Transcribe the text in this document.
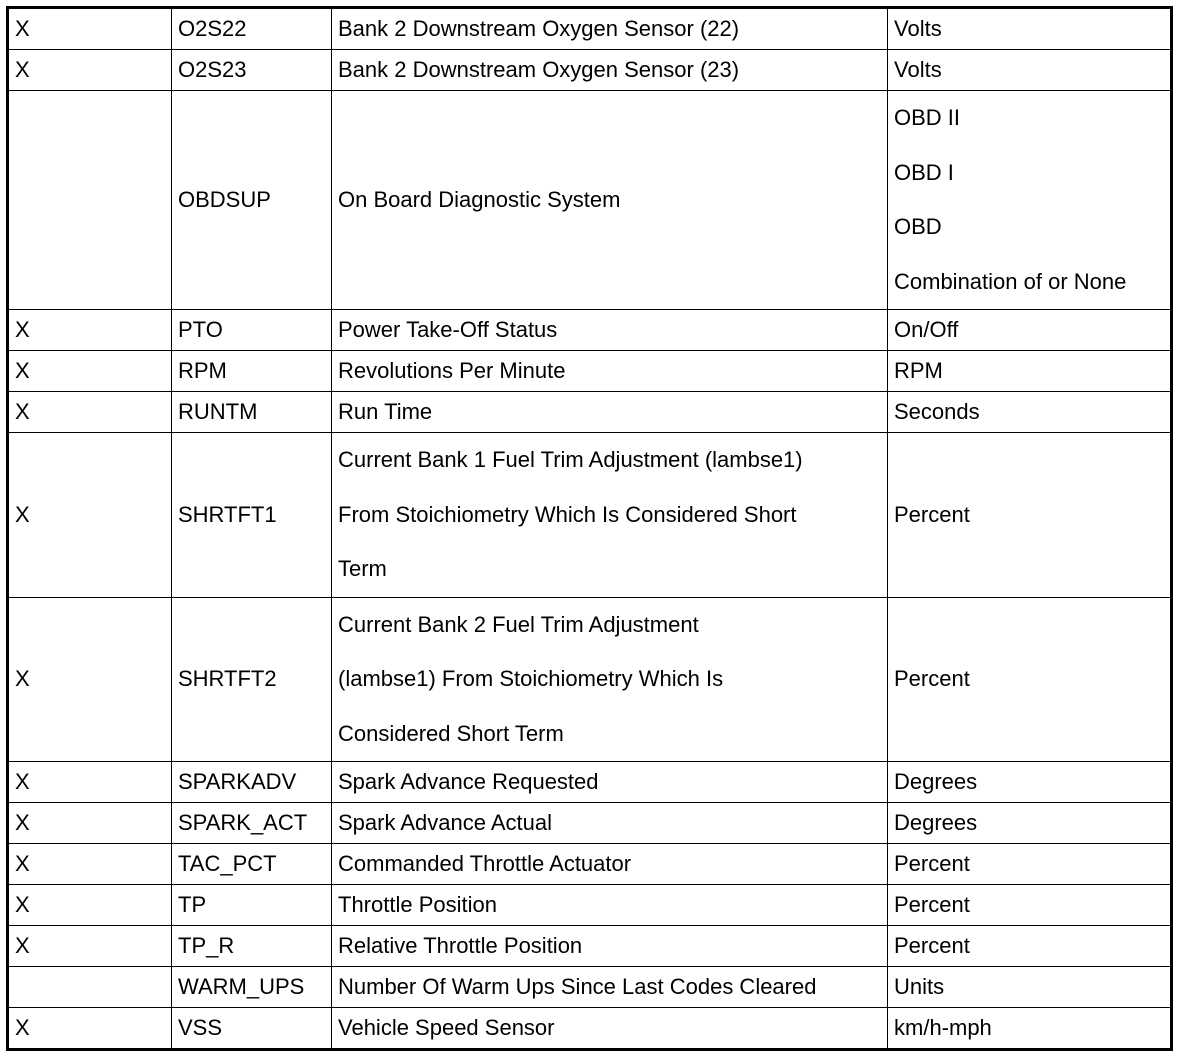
X	O2S22	Bank 2 Downstream Oxygen Sensor (22)	Volts
X	O2S23	Bank 2 Downstream Oxygen Sensor (23)	Volts
	OBDSUP	On Board Diagnostic System	OBD II
OBD I
OBD
Combination of or None

X	PTO	Power Take-Off Status	On/Off
X	RPM	Revolutions Per Minute	RPM
X	RUNTM	Run Time	Seconds
X	SHRTFT1	Current Bank 1 Fuel Trim Adjustment (lambse1)
From Stoichiometry Which Is Considered Short
Term	Percent

X	SHRTFT2	Current Bank 2 Fuel Trim Adjustment
(lambse1) From Stoichiometry Which Is
Considered Short Term	Percent

X	SPARKADV	Spark Advance Requested	Degrees
X	SPARK_ACT	Spark Advance Actual	Degrees
X	TAC_PCT	Commanded Throttle Actuator	Percent
X	TP	Throttle Position	Percent
X	TP_R	Relative Throttle Position	Percent
	WARM_UPS	Number Of Warm Ups Since Last Codes Cleared	Units
X	VSS	Vehicle Speed Sensor	km/h-mph
